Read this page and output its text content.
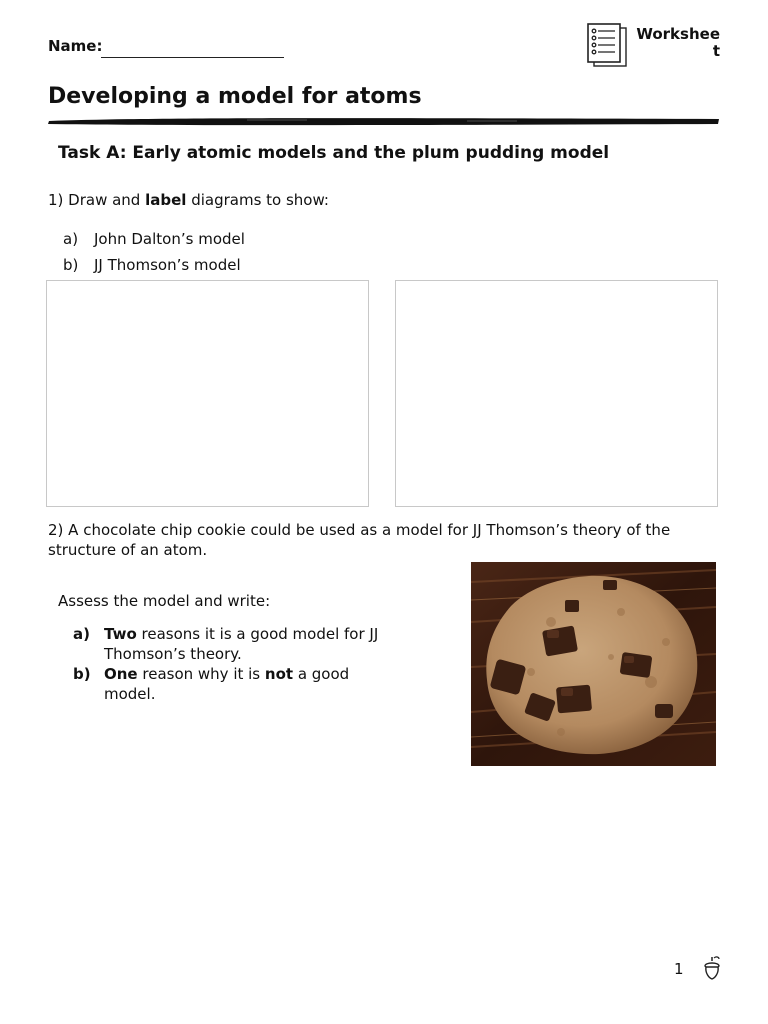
Name:
Workshee
t
Developing a model for atoms
Task A: Early atomic models and the plum pudding model
1) Draw and label diagrams to show:
a) John Dalton’s model
b) JJ Thomson’s model
2) A chocolate chip cookie could be used as a model for JJ Thomson’s theory of the structure of an atom.
Assess the model and write:
a) Two reasons it is a good model for JJ Thomson’s theory.
b) One reason why it is not a good model.
1
